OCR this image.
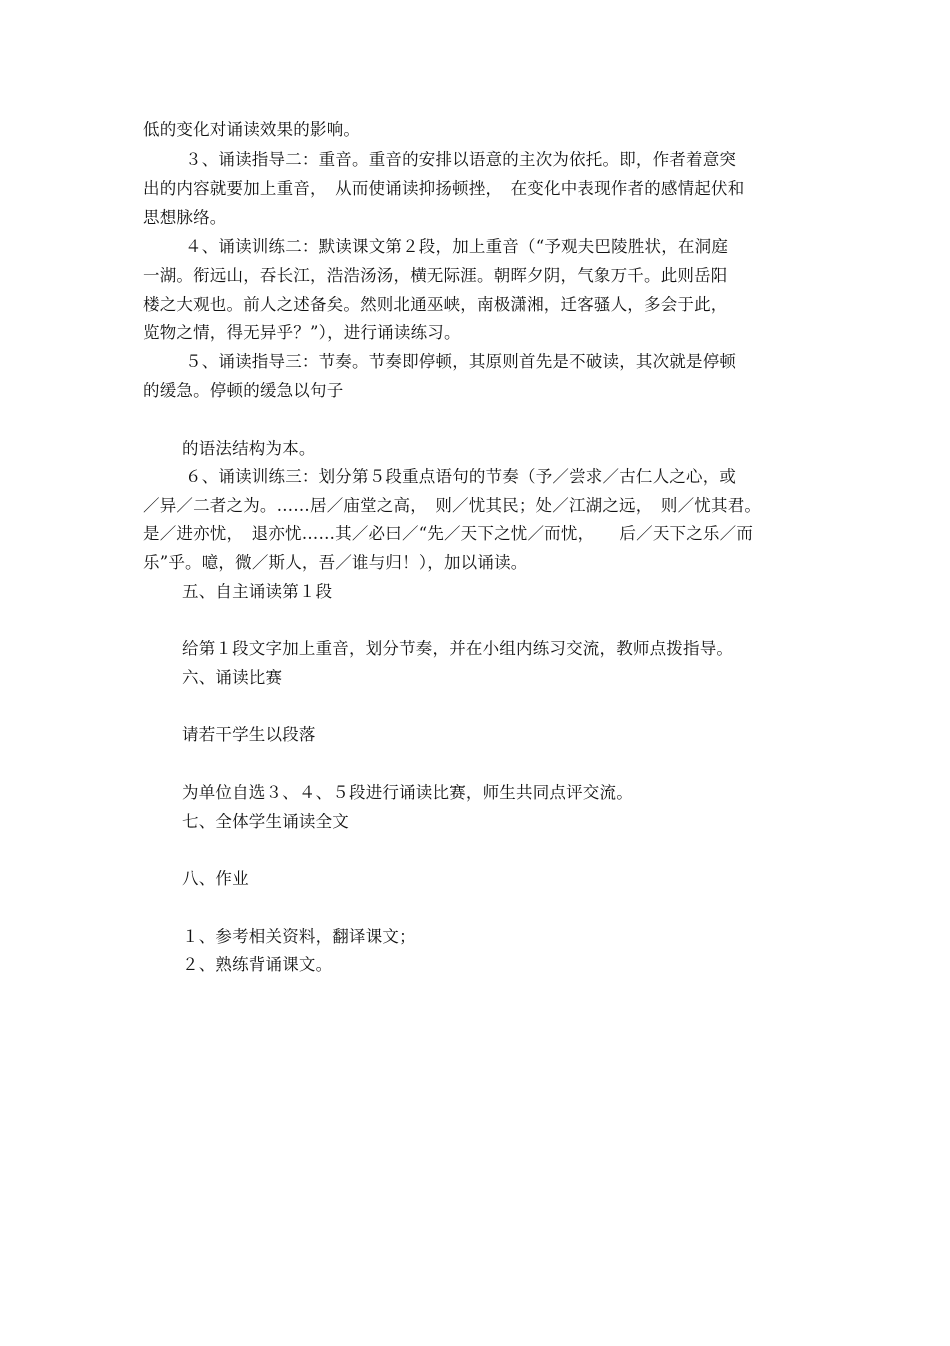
低的变化对诵读效果的影响。
３、诵读指导二：重音。重音的安排以语意的主次为依托。即，作者着意突
出的内容就要加上重音，　从而使诵读抑扬顿挫，　在变化中表现作者的感情起伏和
思想脉络。
４、诵读训练二：默读课文第２段，加上重音（“予观夫巴陵胜状，在洞庭
一湖。衔远山，吞长江，浩浩汤汤，横无际涯。朝晖夕阴，气象万千。此则岳阳
楼之大观也。前人之述备矣。然则北通巫峡，南极潇湘，迁客骚人，多会于此，
览物之情，得无异乎？”），进行诵读练习。
５、诵读指导三：节奏。节奏即停顿，其原则首先是不破读，其次就是停顿
的缓急。停顿的缓急以句子
的语法结构为本。
６、诵读训练三：划分第５段重点语句的节奏（予／尝求／古仁人之心，或
／异／二者之为。……居／庙堂之高，　则／忧其民；处／江湖之远，　则／忧其君。
是／进亦忧，　退亦忧……其／必曰／“先／天下之忧／而忧，　　后／天下之乐／而
乐”乎。噫，微／斯人，吾／谁与归！），加以诵读。
五、自主诵读第１段
给第１段文字加上重音，划分节奏，并在小组内练习交流，教师点拨指导。
六、诵读比赛
请若干学生以段落
为单位自选３、４、５段进行诵读比赛，师生共同点评交流。
七、全体学生诵读全文
八、作业
１、参考相关资料，翻译课文；
２、熟练背诵课文。
